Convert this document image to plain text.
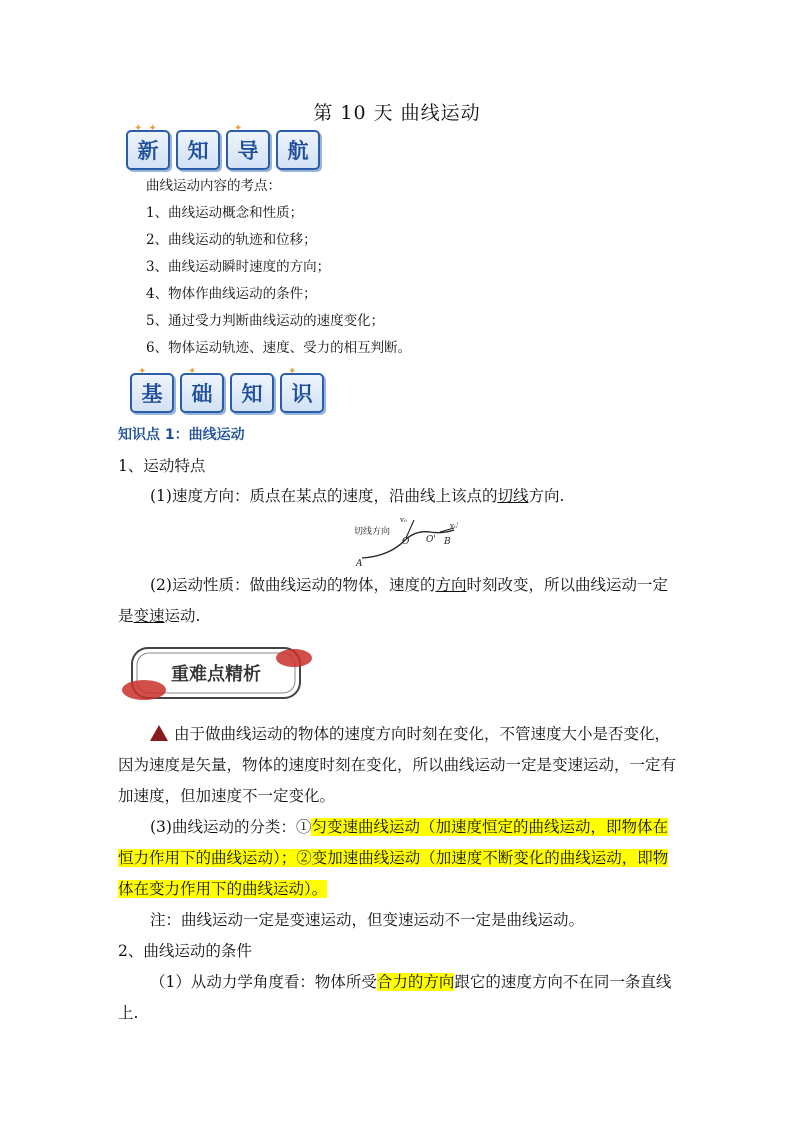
第 10 天 曲线运动
✦✦
新 知
✦
导 航
曲线运动内容的考点：
1、曲线运动概念和性质；
2、曲线运动的轨迹和位移；
3、曲线运动瞬时速度的方向；
4、物体作曲线运动的条件；
5、通过受力判断曲线运动的速度变化；
6、物体运动轨迹、速度、受力的相互判断。
✦
基
✦
础 知
✦
识
知识点 1：曲线运动
1、运动特点
(1)速度方向：质点在某点的速度，沿曲线上该点的切线方向.
切线方向
v₀
O O' B
v₀'
A
(2)运动性质：做曲线运动的物体，速度的方向时刻改变，所以曲线运动一定是变速运动.
重难点精析
由于做曲线运动的物体的速度方向时刻在变化，不管速度大小是否变化，因为速度是矢量，物体的速度时刻在变化，所以曲线运动一定是变速运动，一定有加速度，但加速度不一定变化。
(3)曲线运动的分类：①匀变速曲线运动（加速度恒定的曲线运动，即物体在恒力作用下的曲线运动）；②变加速曲线运动（加速度不断变化的曲线运动，即物体在变力作用下的曲线运动）。
注：曲线运动一定是变速运动，但变速运动不一定是曲线运动。
2、曲线运动的条件
（1）从动力学角度看：物体所受合力的方向跟它的速度方向不在同一条直线上.
